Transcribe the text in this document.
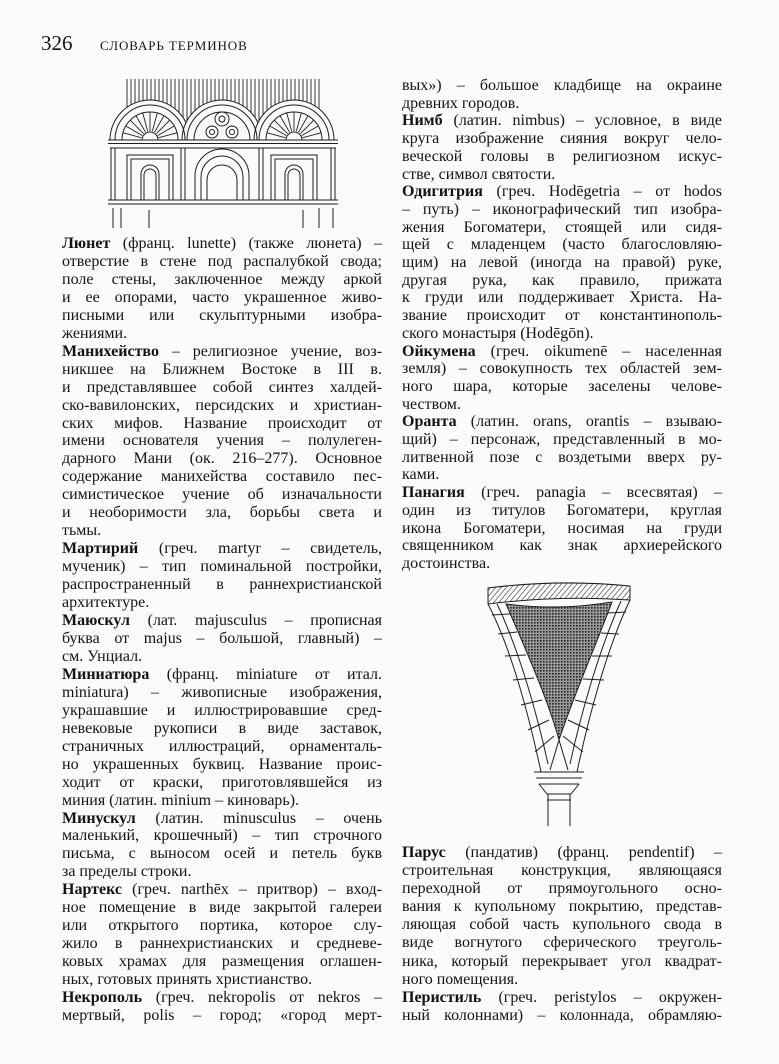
326 СЛОВАРЬ ТЕРМИНОВ
Люнет (франц. lunette) (также люнета) –
отверстие в стене под распалубкой свода;
поле стены, заключенное между аркой
и ее опорами, часто украшенное живо-
писными или скульптурными изобра-
жениями.
Манихейство – религиозное учение, воз-
никшее на Ближнем Востоке в III в.
и представлявшее собой синтез халдей-
ско-вавилонских, персидских и христиан-
ских мифов. Название происходит от
имени основателя учения – полулеген-
дарного Мани (ок. 216–277). Основное
содержание манихейства составило пес-
симистическое учение об изначальности
и необоримости зла, борьбы света и
тьмы.
Мартирий (греч. martyr – свидетель,
мученик) – тип поминальной постройки,
распространенный в раннехристианской
архитектуре.
Маюскул (лат. majusculus – прописная
буква от majus – большой, главный) –
см. Унциал.
Миниатюра (франц. miniature от итал.
miniatura) – живописные изображения,
украшавшие и иллюстрировавшие сред-
невековые рукописи в виде заставок,
страничных иллюстраций, орнаменталь-
но украшенных буквиц. Название проис-
ходит от краски, приготовлявшейся из
миния (латин. minium – киноварь).
Минускул (латин. minusculus – очень
маленький, крошечный) – тип строчного
письма, с выносом осей и петель букв
за пределы строки.
Нартекс (греч. narthēx – притвор) – вход-
ное помещение в виде закрытой галереи
или открытого портика, которое слу-
жило в раннехристианских и средневе-
ковых храмах для размещения оглашен-
ных, готовых принять христианство.
Некрополь (греч. nekropolis от nekros –
мертвый, polis – город; «город мерт-
вых») – большое кладбище на окраине
древних городов.
Нимб (латин. nimbus) – условное, в виде
круга изображение сияния вокруг чело-
веческой головы в религиозном искус-
стве, символ святости.
Одигитрия (греч. Hodēgetria – от hodos
– путь) – иконографический тип изобра-
жения Богоматери, стоящей или сидя-
щей с младенцем (часто благословляю-
щим) на левой (иногда на правой) руке,
другая рука, как правило, прижата
к груди или поддерживает Христа. На-
звание происходит от константинополь-
ского монастыря (Hodēgōn).
Ойкумена (греч. oikumenē – населенная
земля) – совокупность тех областей зем-
ного шара, которые заселены челове-
чеством.
Оранта (латин. orans, orantis – взываю-
щий) – персонаж, представленный в мо-
литвенной позе с воздетыми вверх ру-
ками.
Панагия (греч. panagia – всесвятая) –
один из титулов Богоматери, круглая
икона Богоматери, носимая на груди
священником как знак архиерейского
достоинства.
Парус (пандатив) (франц. pendentif) –
строительная конструкция, являющаяся
переходной от прямоугольного осно-
вания к купольному покрытию, представ-
ляющая собой часть купольного свода в
виде вогнутого сферического треуголь-
ника, который перекрывает угол квадрат-
ного помещения.
Перистиль (греч. peristylos – окружен-
ный колоннами) – колоннада, обрамляю-
